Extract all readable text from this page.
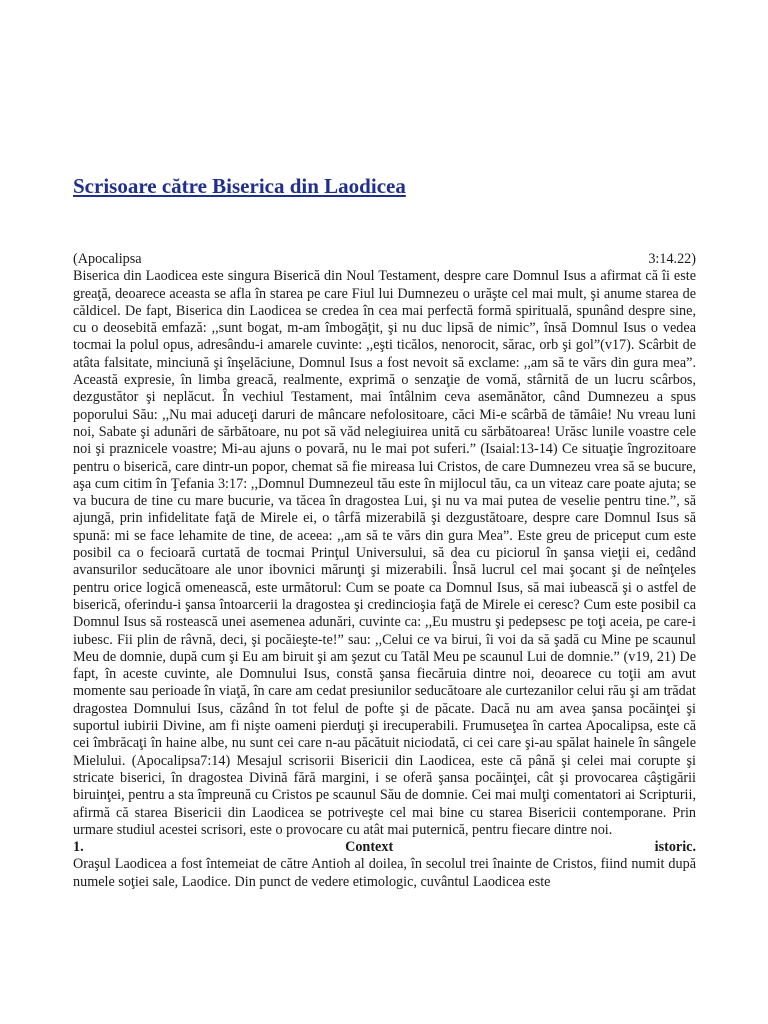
Scrisoare către Biserica din Laodicea
(Apocalipsa	3:14.22)

Biserica din Laodicea este singura Biserică din Noul Testament, despre care Domnul Isus a afirmat că îi este greaţă, deoarece aceasta se afla în starea pe care Fiul lui Dumnezeu o urăşte cel mai mult, şi anume starea de căldicel. De fapt, Biserica din Laodicea se credea în cea mai perfectă formă spirituală, spunând despre sine, cu o deosebită emfază: ,,sunt bogat, m-am îmbogăţit, şi nu duc lipsă de nimic”, însă Domnul Isus o vedea tocmai la polul opus, adresându-i amarele cuvinte: ,,eşti ticălos, nenorocit, sărac, orb şi gol”(v17). Scârbit de atâta falsitate, minciună şi înşelăciune, Domnul Isus a fost nevoit să exclame: ,,am să te vărs din gura mea”. Această expresie, în limba greacă, realmente, exprimă o senzaţie de vomă, stârnită de un lucru scârbos, dezgustător şi neplăcut. În vechiul Testament, mai întâlnim ceva asemănător, când Dumnezeu a spus poporului Său: ,,Nu mai aduceţi daruri de mâncare nefolositoare, căci Mi-e scârbă de tămâie! Nu vreau luni noi, Sabate şi adunări de sărbătoare, nu pot să văd nelegiuirea unită cu sărbătoarea! Urăsc lunile voastre cele noi şi praznicele voastre; Mi-au ajuns o povară, nu le mai pot suferi.” (Isaial:13-14) Ce situaţie îngrozitoare pentru o biserică, care dintr-un popor, chemat să fie mireasa lui Cristos, de care Dumnezeu vrea să se bucure, aşa cum citim în Ţefania 3:17: ,,Domnul Dumnezeul tău este în mijlocul tău, ca un viteaz care poate ajuta; se va bucura de tine cu mare bucurie, va tăcea în dragostea Lui, şi nu va mai putea de veselie pentru tine.”, să ajungă, prin infidelitate faţă de Mirele ei, o târfă mizerabilă şi dezgustătoare, despre care Domnul Isus să spună: mi se face lehamite de tine, de aceea: ,,am să te vărs din gura Mea”. Este greu de priceput cum este posibil ca o fecioară curtată de tocmai Prinţul Universului, să dea cu piciorul în şansa vieţii ei, cedând avansurilor seducătoare ale unor ibovnici mărunţi şi mizerabili. Însă lucrul cel mai şocant şi de neînţeles pentru orice logică omenească, este următorul: Cum se poate ca Domnul Isus, să mai iubească şi o astfel de biserică, oferindu-i şansa întoarcerii la dragostea şi credincioşia faţă de Mirele ei ceresc? Cum este posibil ca Domnul Isus să rostească unei asemenea adunări, cuvinte ca: ,,Eu mustru şi pedepsesc pe toţi aceia, pe care-i iubesc. Fii plin de râvnă, deci, şi pocăieşte-te!” sau: ,,Celui ce va birui, îi voi da să şadă cu Mine pe scaunul Meu de domnie, după cum şi Eu am biruit şi am şezut cu Tatăl Meu pe scaunul Lui de domnie.” (v19, 21) De fapt, în aceste cuvinte, ale Domnului Isus, constă şansa fiecăruia dintre noi, deoarece cu toţii am avut momente sau perioade în viaţă, în care am cedat presiunilor seducătoare ale curtezanilor celui rău şi am trădat dragostea Domnului Isus, căzând în tot felul de pofte şi de păcate. Dacă nu am avea şansa pocăinţei şi suportul iubirii Divine, am fi nişte oameni pierduţi şi irecuperabili. Frumuseţea în cartea Apocalipsa, este că cei îmbrăcaţi în haine albe, nu sunt cei care n-au păcătuit niciodată, ci cei care şi-au spălat hainele în sângele Mielului. (Apocalipsa7:14) Mesajul scrisorii Bisericii din Laodicea, este că până şi celei mai corupte şi stricate biserici, în dragostea Divină fără margini, i se oferă şansa pocăinţei, cât şi provocarea câştigării biruinţei, pentru a sta împreună cu Cristos pe scaunul Său de domnie. Cei mai mulţi comentatori ai Scripturii, afirmă că starea Bisericii din Laodicea se potriveşte cel mai bine cu starea Bisericii contemporane. Prin urmare studiul acestei scrisori, este o provocare cu atât mai puternică, pentru fiecare dintre noi.

1.	Context	istoric.

Oraşul Laodicea a fost întemeiat de către Antioh al doilea, în secolul trei înainte de Cristos, fiind numit după numele soţiei sale, Laodice. Din punct de vedere etimologic, cuvântul Laodicea este
